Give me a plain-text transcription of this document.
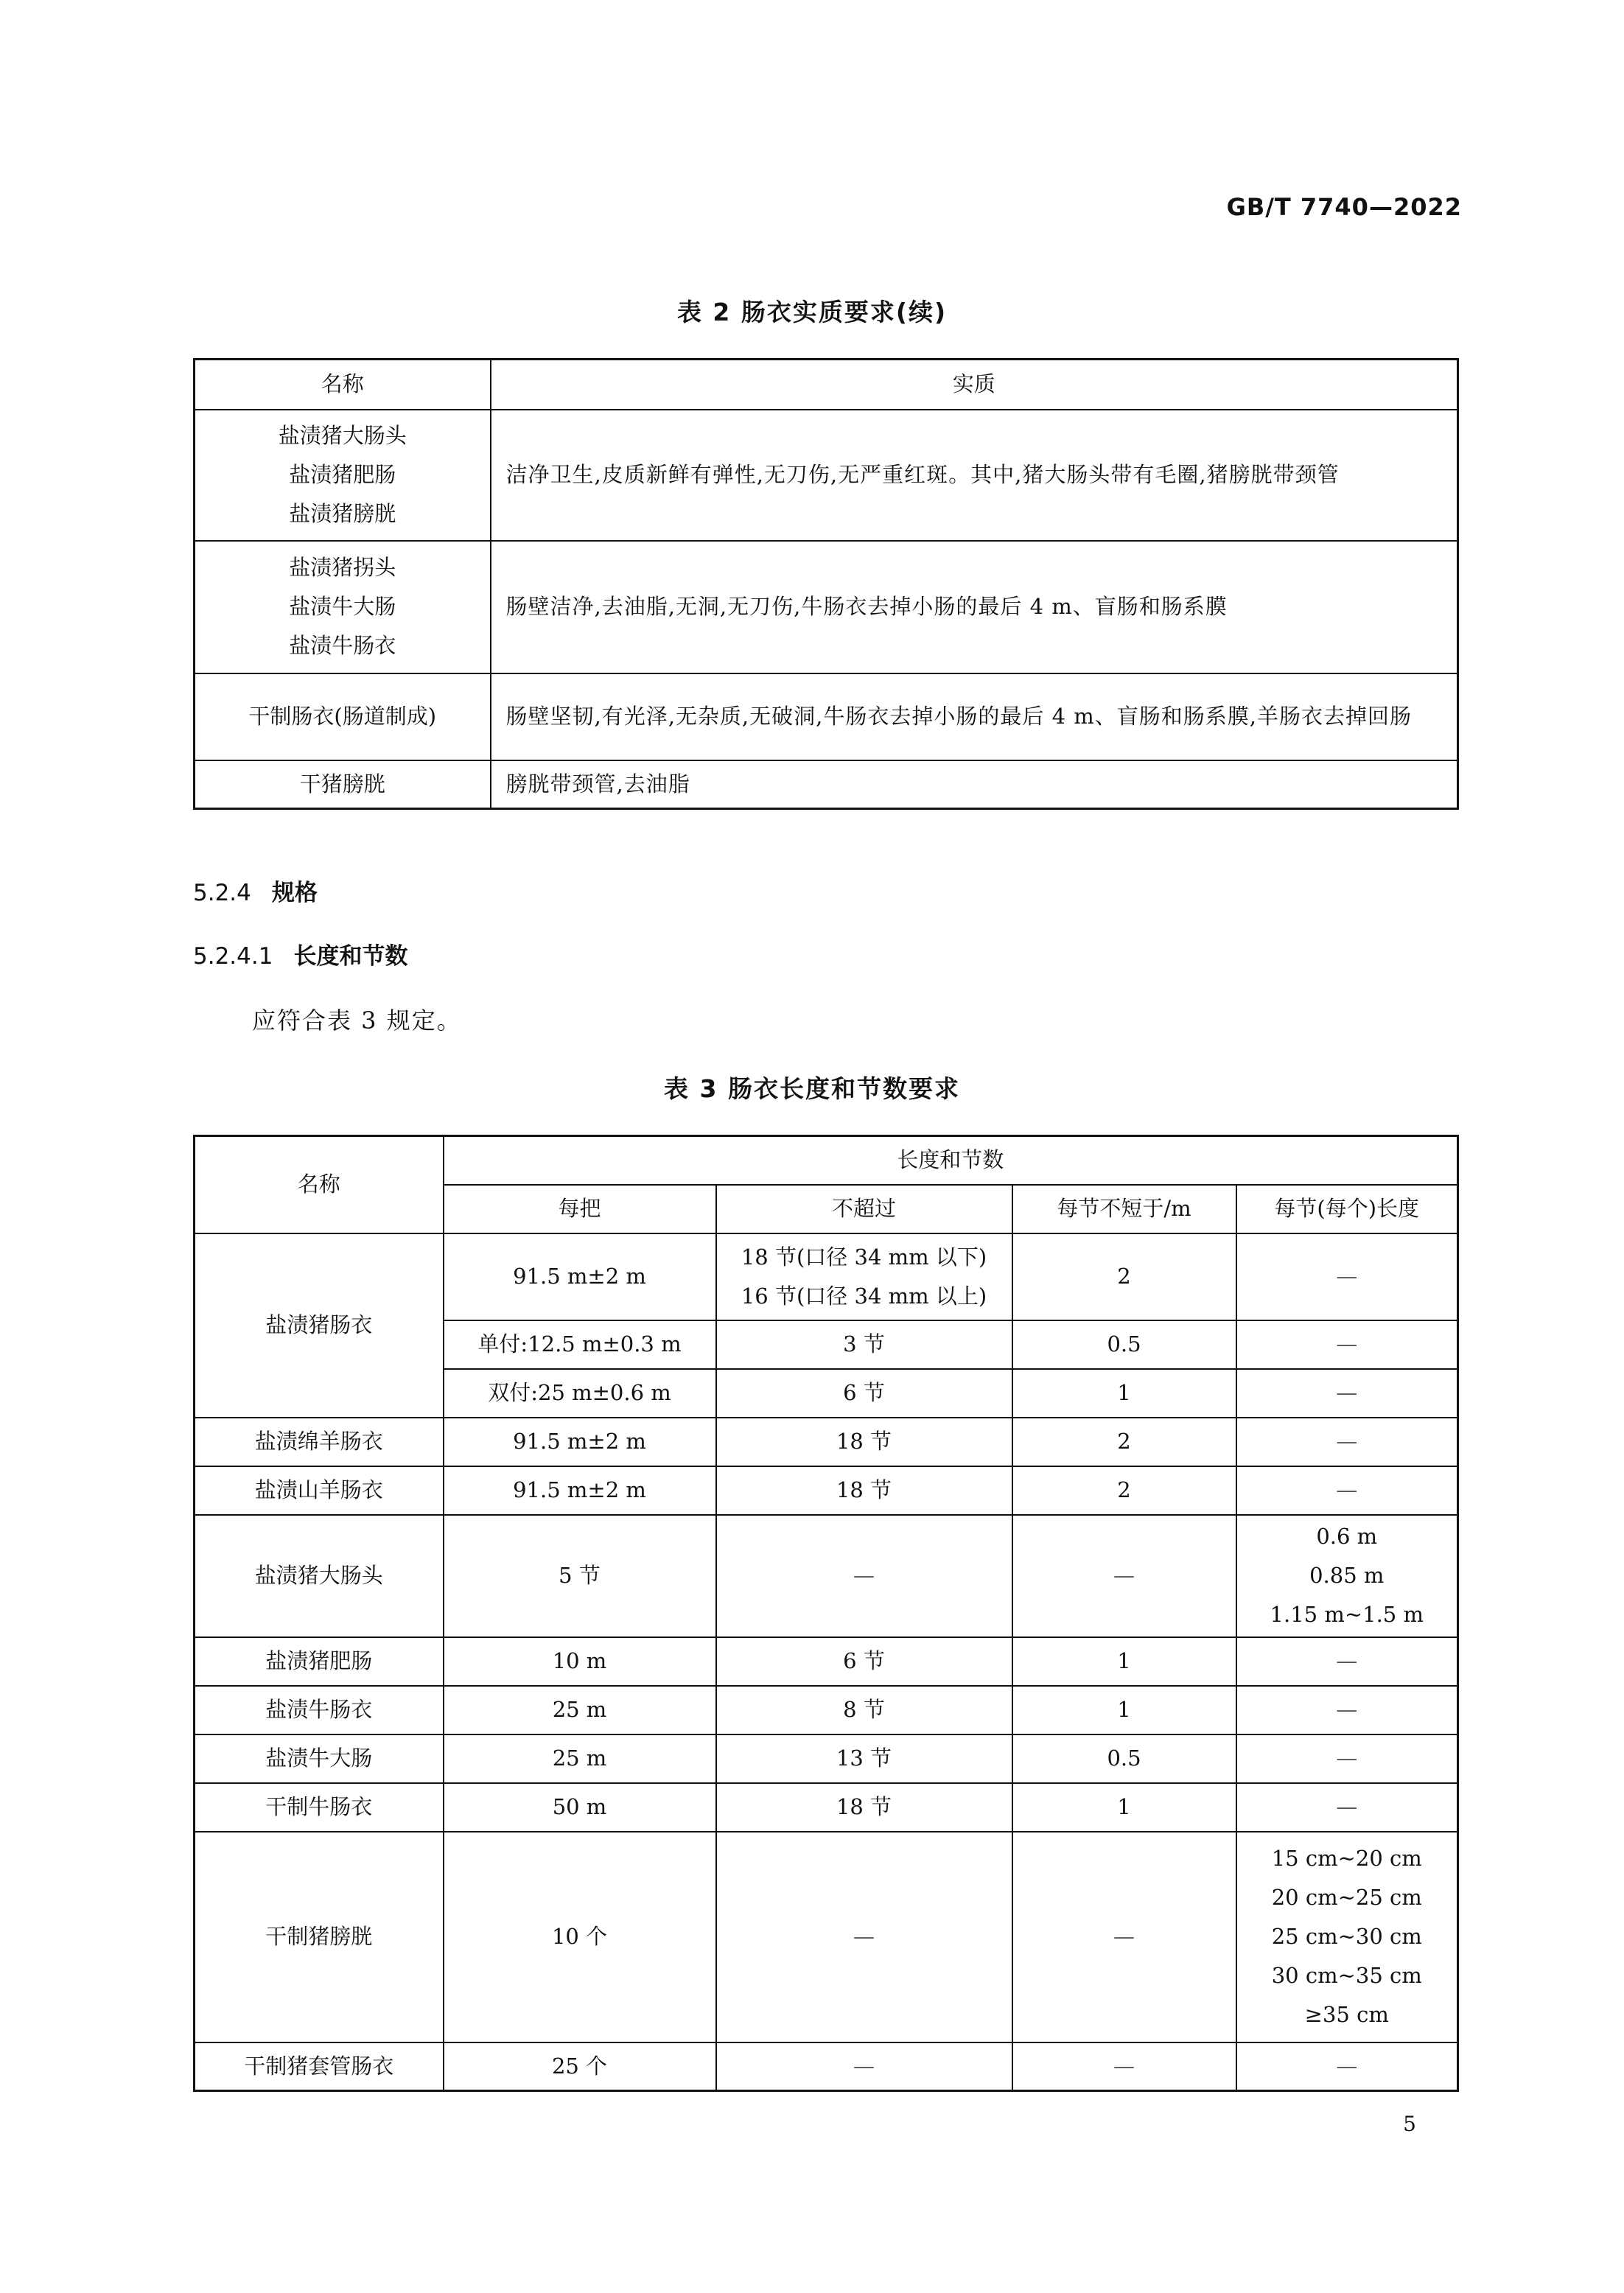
GB/T 7740—2022
表 2 肠衣实质要求(续)
名称	实质

盐渍猪大肠头
盐渍猪肥肠
盐渍猪膀胱	洁净卫生,皮质新鲜有弹性,无刀伤,无严重红斑。其中,猪大肠头带有毛圈,猪膀胱带颈管

盐渍猪拐头
盐渍牛大肠
盐渍牛肠衣	肠壁洁净,去油脂,无洞,无刀伤,牛肠衣去掉小肠的最后 4 m、盲肠和肠系膜

干制肠衣(肠道制成)	肠壁坚韧,有光泽,无杂质,无破洞,牛肠衣去掉小肠的最后 4 m、盲肠和肠系膜,羊肠衣去掉回肠

干猪膀胱	膀胱带颈管,去油脂
5.2.4 规格
5.2.4.1 长度和节数
应符合表 3 规定。
表 3 肠衣长度和节数要求
名称	长度和节数			
	每把	不超过	每节不短于/m	每节(每个)长度
盐渍猪肠衣	91.5 m±2 m	18 节(口径 34 mm 以下)
16 节(口径 34 mm 以上)	2	—
	单付:12.5 m±0.3 m	3 节	0.5	—
	双付:25 m±0.6 m	6 节	1	—
盐渍绵羊肠衣	91.5 m±2 m	18 节	2	—
盐渍山羊肠衣	91.5 m±2 m	18 节	2	—
盐渍猪大肠头	5 节	—	—	0.6 m
0.85 m
1.15 m~1.5 m

盐渍猪肥肠	10 m	6 节	1	—
盐渍牛肠衣	25 m	8 节	1	—
盐渍牛大肠	25 m	13 节	0.5	—
干制牛肠衣	50 m	18 节	1	—
干制猪膀胱	10 个	—	—	15 cm~20 cm
20 cm~25 cm
25 cm~30 cm
30 cm~35 cm
≥35 cm

干制猪套管肠衣	25 个	—	—	—
5
